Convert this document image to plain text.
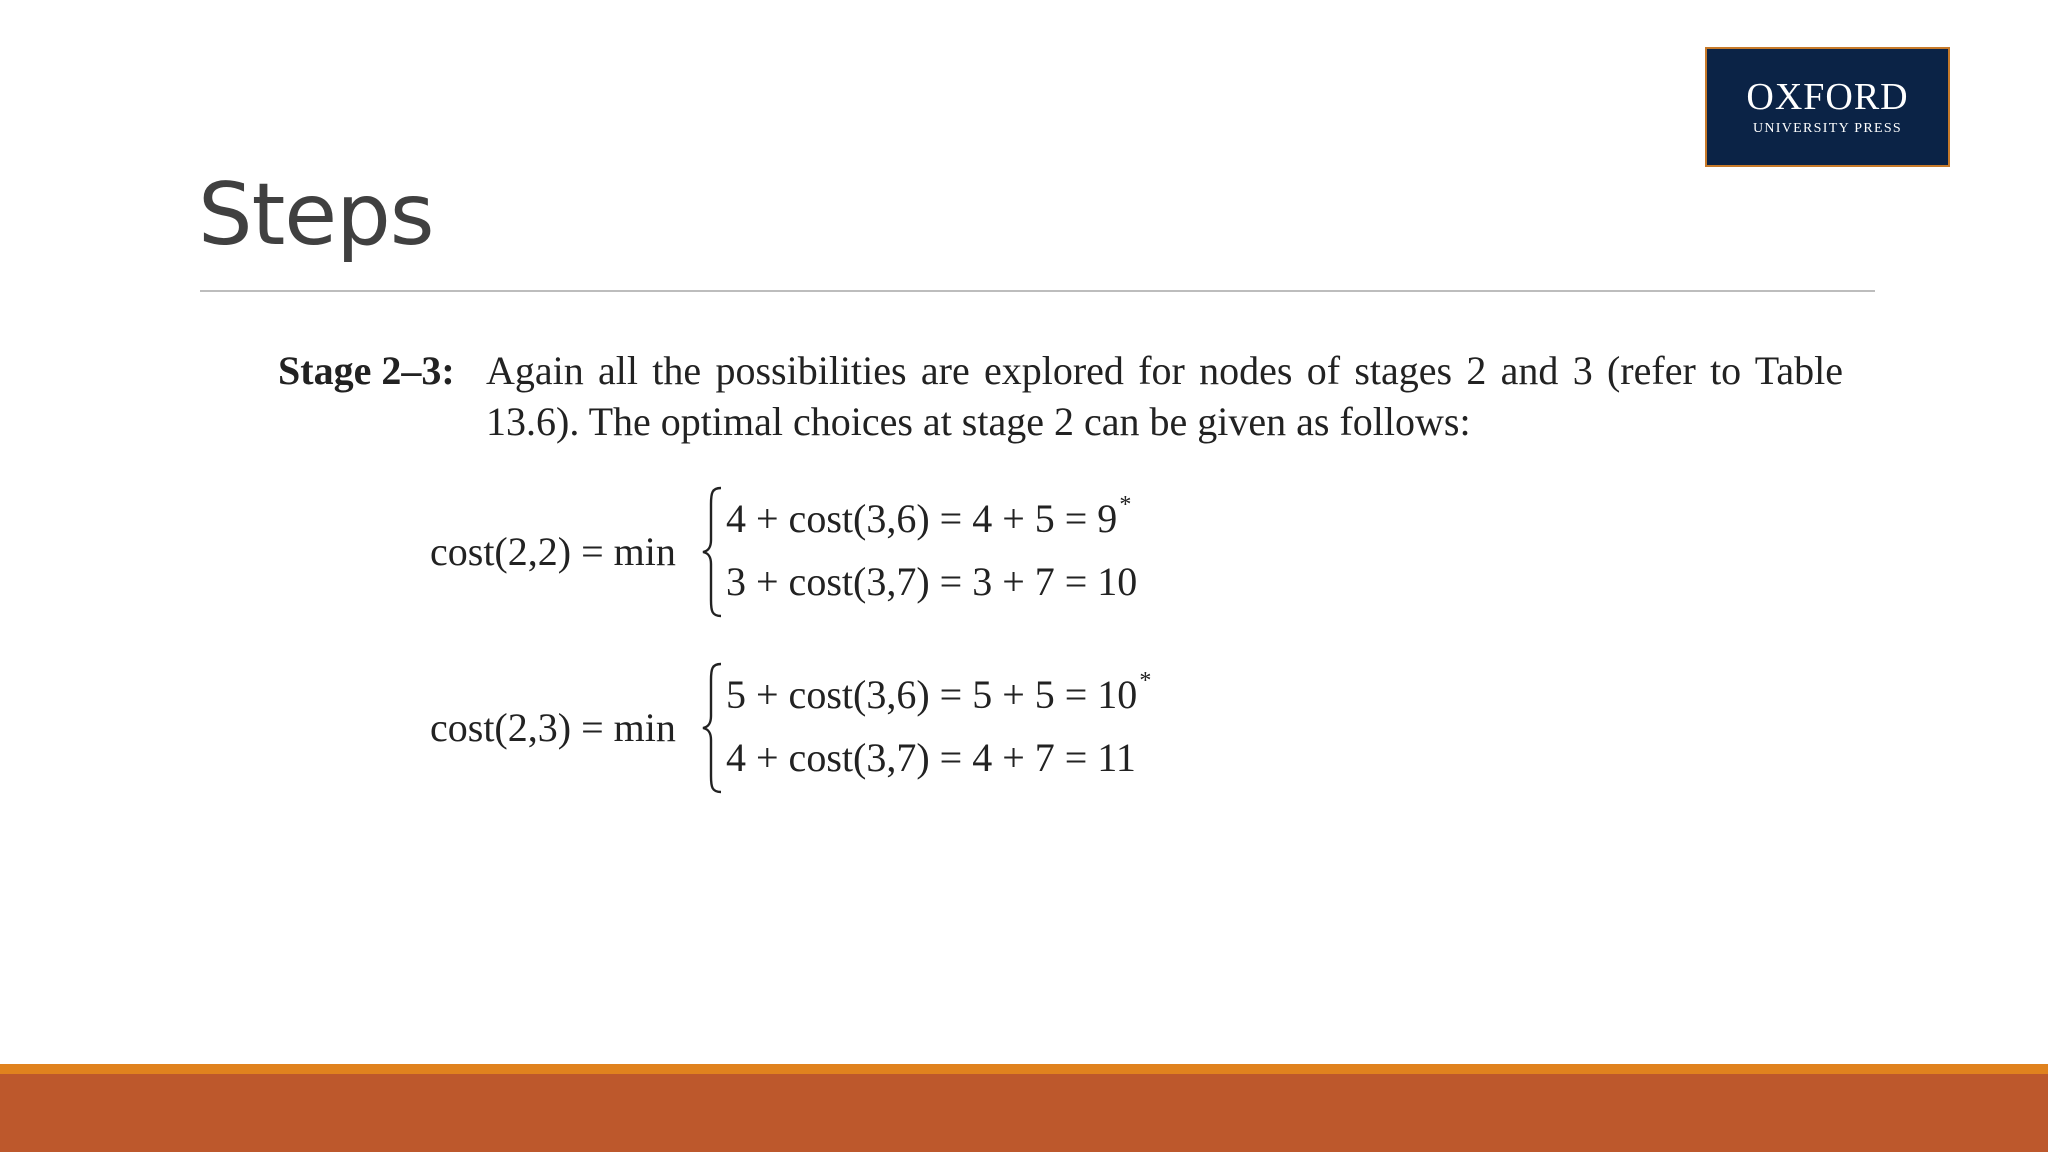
OXFORD
UNIVERSITY PRESS
Steps
Stage 2–3: Again all the possibilities are explored for nodes of stages 2 and 3 (refer to Table 13.6). The optimal choices at stage 2 can be given as follows:

cost(2,2) = min
4 + cost(3,6) = 4 + 5 = 9*
3 + cost(3,7) = 3 + 7 = 10
cost(2,3) = min
5 + cost(3,6) = 5 + 5 = 10*
4 + cost(3,7) = 4 + 7 = 11
